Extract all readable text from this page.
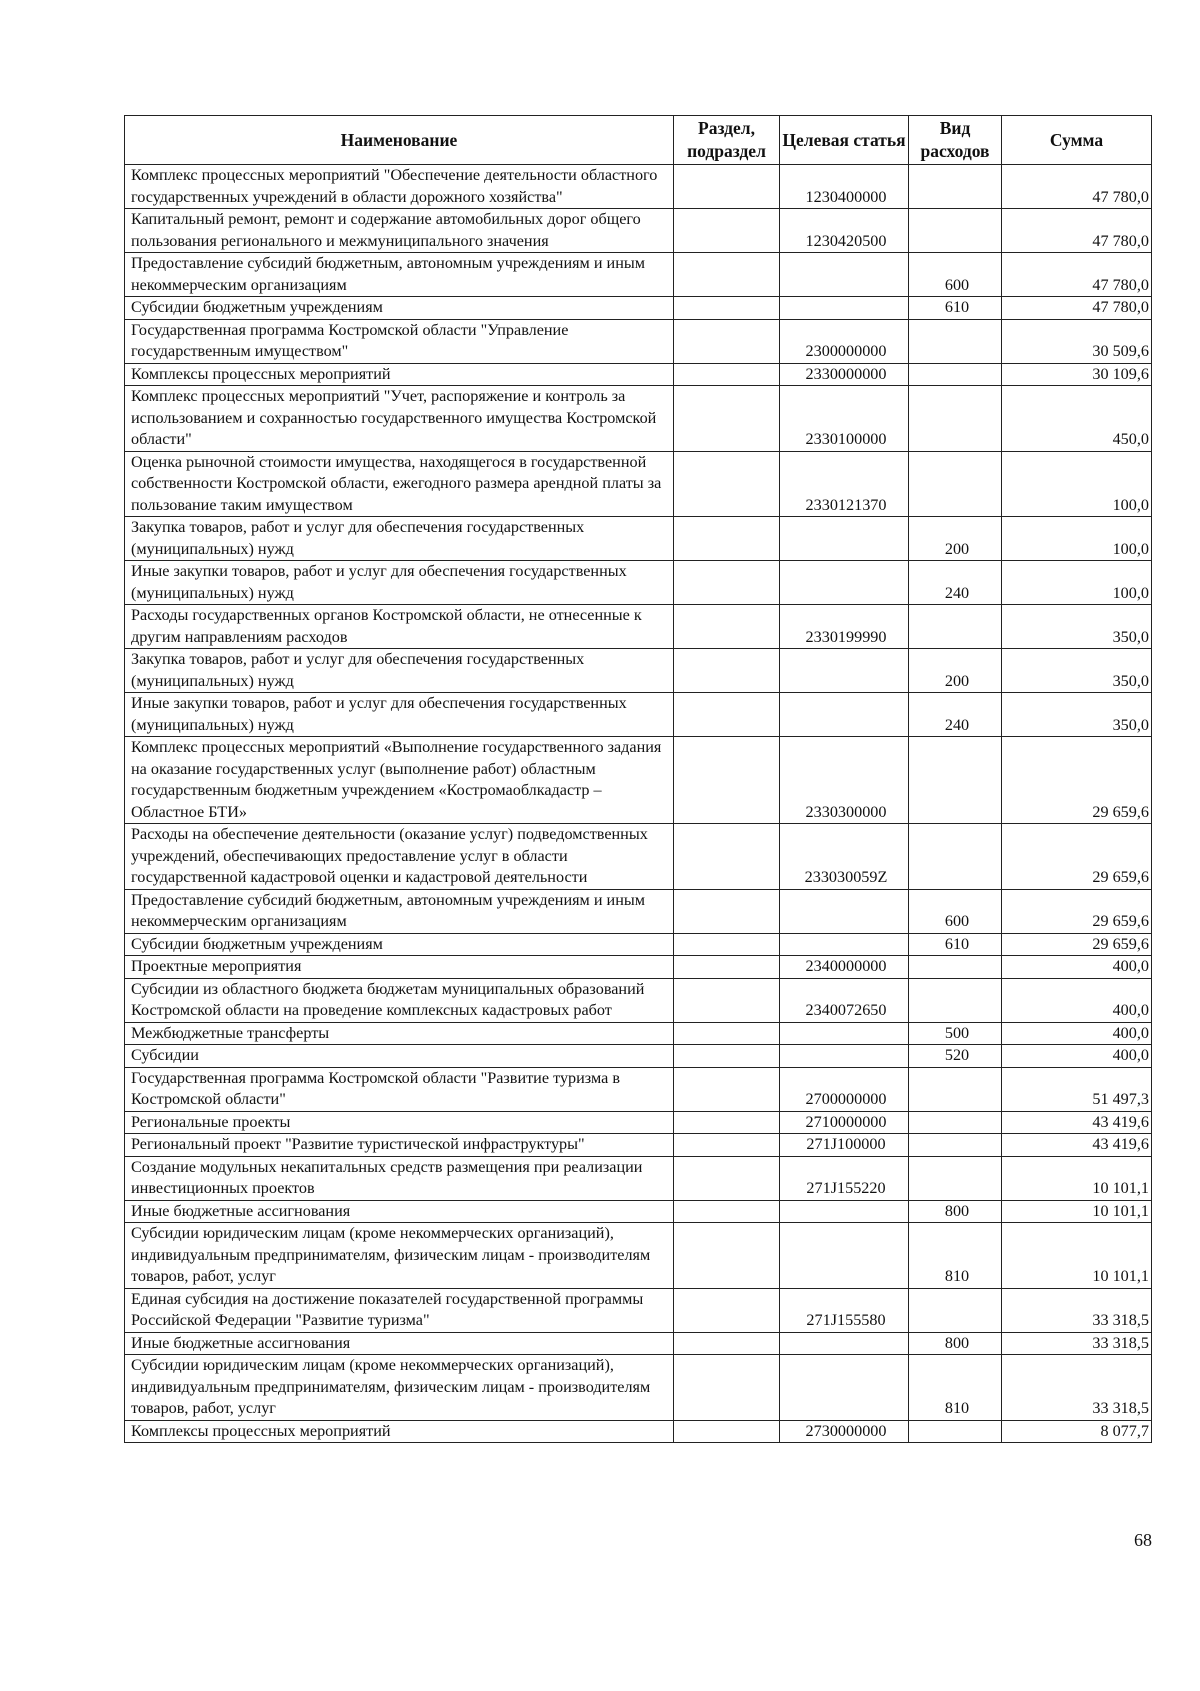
Наименование	Раздел, подраздел	Целевая статья	Вид расходов	Сумма
Комплекс процессных мероприятий "Обеспечение деятельности областного государственных учреждений в области дорожного хозяйства"		1230400000		47 780,0
Капитальный ремонт, ремонт и содержание автомобильных дорог общего пользования регионального и межмуниципального значения		1230420500		47 780,0
Предоставление субсидий бюджетным, автономным учреждениям и иным некоммерческим организациям			600	47 780,0
Субсидии бюджетным учреждениям			610	47 780,0
Государственная программа Костромской области "Управление государственным имуществом"		2300000000		30 509,6
Комплексы процессных мероприятий		2330000000		30 109,6
Комплекс процессных мероприятий "Учет, распоряжение и контроль за использованием и сохранностью государственного имущества Костромской области"		2330100000		450,0
Оценка рыночной стоимости имущества, находящегося в государственной собственности Костромской области, ежегодного размера арендной платы за пользование таким имуществом		2330121370		100,0
Закупка товаров, работ и услуг для обеспечения государственных (муниципальных) нужд			200	100,0
Иные закупки товаров, работ и услуг для обеспечения государственных (муниципальных) нужд			240	100,0
Расходы государственных органов Костромской области, не отнесенные к другим направлениям расходов		2330199990		350,0
Закупка товаров, работ и услуг для обеспечения государственных (муниципальных) нужд			200	350,0
Иные закупки товаров, работ и услуг для обеспечения государственных (муниципальных) нужд			240	350,0
Комплекс процессных мероприятий «Выполнение государственного задания на оказание государственных услуг (выполнение работ) областным государственным бюджетным учреждением «Костромаоблкадастр – Областное БТИ»		2330300000		29 659,6
Расходы на обеспечение деятельности (оказание услуг) подведомственных учреждений, обеспечивающих предоставление услуг в области государственной кадастровой оценки и кадастровой деятельности		233030059Z		29 659,6
Предоставление субсидий бюджетным, автономным учреждениям и иным некоммерческим организациям			600	29 659,6
Субсидии бюджетным учреждениям			610	29 659,6
Проектные мероприятия		2340000000		400,0
Субсидии из областного бюджета бюджетам муниципальных образований Костромской области на проведение комплексных кадастровых работ		2340072650		400,0
Межбюджетные трансферты			500	400,0
Субсидии			520	400,0
Государственная программа Костромской области "Развитие туризма в Костромской области"		2700000000		51 497,3
Региональные проекты		2710000000		43 419,6
Региональный проект "Развитие туристической инфраструктуры"		271J100000		43 419,6
Создание модульных некапитальных средств размещения при реализации инвестиционных проектов		271J155220		10 101,1
Иные бюджетные ассигнования			800	10 101,1
Субсидии юридическим лицам (кроме некоммерческих организаций), индивидуальным предпринимателям, физическим лицам - производителям товаров, работ, услуг			810	10 101,1
Единая субсидия на достижение показателей государственной программы Российской Федерации "Развитие туризма"		271J155580		33 318,5
Иные бюджетные ассигнования			800	33 318,5
Субсидии юридическим лицам (кроме некоммерческих организаций), индивидуальным предпринимателям, физическим лицам - производителям товаров, работ, услуг			810	33 318,5
Комплексы процессных мероприятий		2730000000		8 077,7
68
